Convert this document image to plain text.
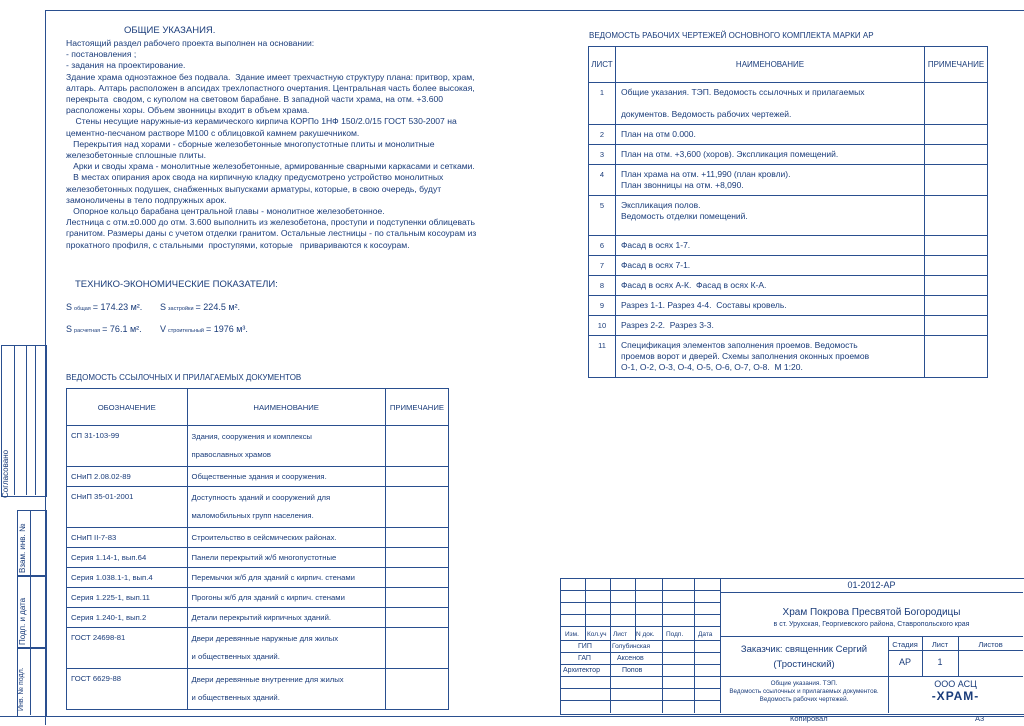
ОБЩИЕ УКАЗАНИЯ.
Настоящий раздел рабочего проекта выполнен на основании:
- постановления ;
- задания на проектирование.
Здание храма одноэтажное без подвала.  Здание имеет трехчастную структуру плана: притвор, храм,
алтарь. Алтарь расположен в апсидах трехлопастного очертания. Центральная часть более высокая,
перекрыта  сводом, с куполом на световом барабане. В западной части храма, на отм. +3.600
расположены хоры. Объем звонницы входит в объем храма.
Стены несущие наружные-из керамического кирпича КОРПо 1НФ 150/2.0/15 ГОСТ 530-2007 на
цементно-песчаном растворе М100 с облицовкой камнем ракушечником.
Перекрытия над хорами - сборные железобетонные многопустотные плиты и монолитные
железобетонные сплошные плиты.
Арки и своды храма - монолитные железобетонные, армированные сварными каркасами и сетками.
В местах опирания арок свода на кирпичную кладку предусмотрено устройство монолитных
железобетонных подушек, снабженных выпусками арматуры, которые, в свою очередь, будут
замоноличены в тело подпружных арок.
Опорное кольцо барабана центральной главы - монолитное железобетонное.
Лестница с отм.±0.000 до отм. 3.600 выполнить из железобетона, проступи и подступенки облицевать
гранитом. Размеры даны с учетом отделки гранитом. Остальные лестницы - по стальным косоурам из
прокатного профиля, с стальными  проступями, которые   привариваются к косоурам.
ТЕХНИКО-ЭКОНОМИЧЕСКИЕ ПОКАЗАТЕЛИ:
Sобщая = 174.23 м². Sзастройки = 224.5 м².
Sрасчетная = 76.1 м². Vстроительный = 1976 м³.
ВЕДОМОСТЬ ССЫЛОЧНЫХ И ПРИЛАГАЕМЫХ ДОКУМЕНТОВ
ОБОЗНАЧЕНИЕ	НАИМЕНОВАНИЕ	ПРИМЕЧАНИЕ
СП 31-103-99	Здания, сооружения и комплексы
православных храмов	
СНиП 2.08.02-89	Общественные здания и сооружения.	
СНиП 35-01-2001	Доступность зданий и сооружений для
маломобильных групп населения.	
СНиП II-7-83	Строительство в сейсмических районах.	
Серия 1.14-1, вып.64	Панели перекрытий ж/б многопустотные	
Серия 1.038.1-1, вып.4	Перемычки ж/б для зданий с кирпич. стенами	
Серия 1.225-1, вып.11	Прогоны ж/б для зданий с кирпич. стенами	
Серия 1.240-1, вып.2	Детали перекрытий кирпичных зданий.	
ГОСТ 24698-81	Двери деревянные наружные для жилых
и общественных зданий.	
ГОСТ 6629-88	Двери деревянные внутренние для жилых
и общественных зданий.	
ВЕДОМОСТЬ РАБОЧИХ ЧЕРТЕЖЕЙ ОСНОВНОГО КОМПЛЕКТА МАРКИ АР
ЛИСТ	НАИМЕНОВАНИЕ	ПРИМЕЧАНИЕ
1	Общие указания. ТЭП. Ведомость ссылочных и прилагаемых

документов. Ведомость рабочих чертежей.	
2	План на отм 0.000.	
3	План на отм. +3,600 (хоров). Экспликация помещений.	
4	План храма на отм. +11,990 (план кровли).
План звонницы на отм. +8,090.	
5	Экспликация полов.
Ведомость отделки помещений.	
6	Фасад в осях 1-7.	
7	Фасад в осях 7-1.	
8	Фасад в осях А-К.  Фасад в осях К-А.	
9	Разрез 1-1. Разрез 4-4.  Составы кровель.	
10	Разрез 2-2.  Разрез 3-3.	
11	Спецификация элементов заполнения проемов. Ведомость
проемов ворот и дверей. Схемы заполнения оконных проемов
О-1, О-2, О-3, О-4, О-5, О-6, О-7, О-8.  М 1:20.	
Согласовано
Взам. инв. №
Подп. и дата
Инв. № подл.
Изм. Кол.уч Лист N док. Подп. Дата
ГИП	Голубинская
ГАП	Аксенов
Архитектор	Попов
01-2012-АР
Храм Покрова Пресвятой Богородицы
в ст. Урухская, Георгиевского района, Ставропольского края
Заказчик: священник Сергий
(Тростинский)
Стадия	Лист	Листов
АР	1
Общие указания. ТЭП.
Ведомость ссылочных и прилагаемых документов.
Ведомость рабочих чертежей.
ООО АСЦ
-ХРАМ-
Копировал	А3
